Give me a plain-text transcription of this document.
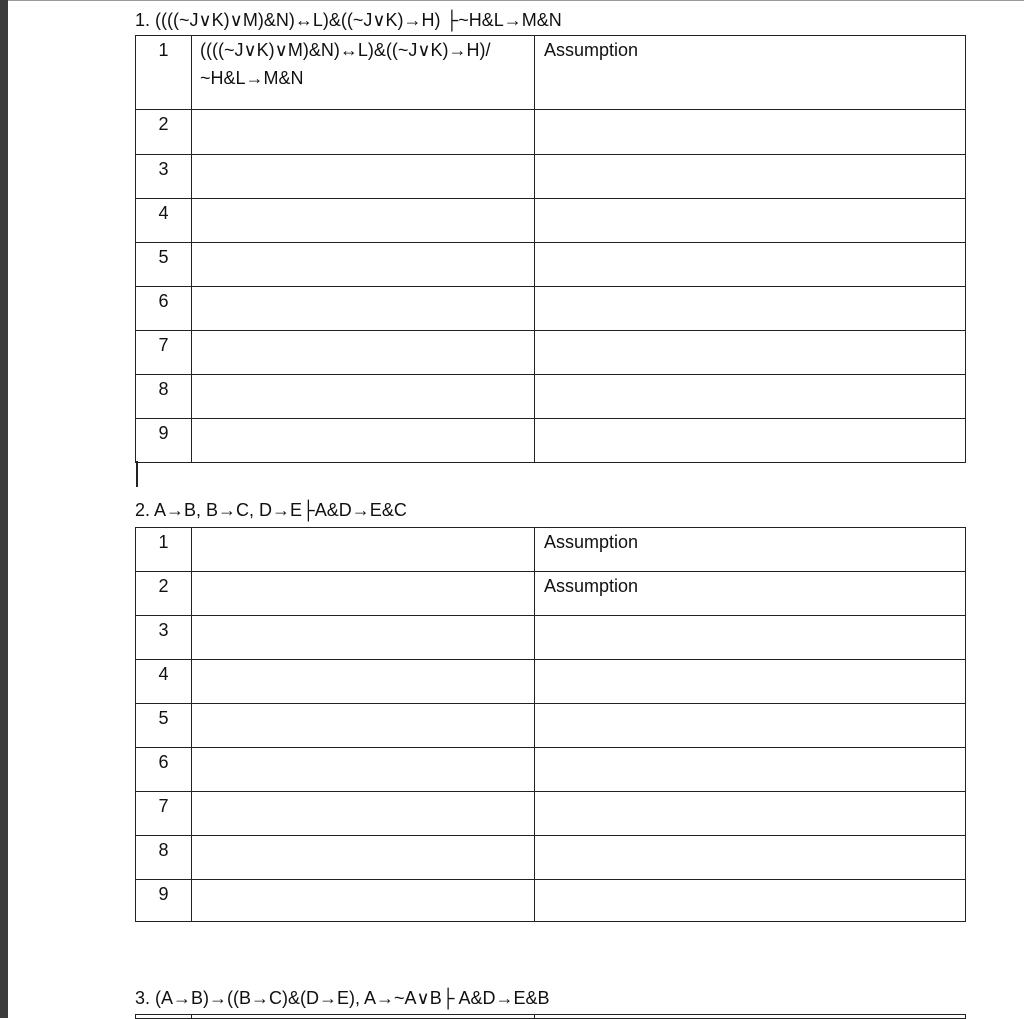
1. ((((~J∨K)∨M)&N)↔L)&((~J∨K)→H) ├~H&L→M&N
1	((((~J∨K)∨M)&N)↔L)&((~J∨K)→H)/
~H&L→M&N	Assumption
2		
3		
4		
5		
6		
7		
8		
9		
2. A→B, B→C, D→E├A&D→E&C
1		Assumption
2		Assumption
3		
4		
5		
6		
7		
8		
9		
3. (A→B)→((B→C)&(D→E), A→~A∨B├ A&D→E&B
